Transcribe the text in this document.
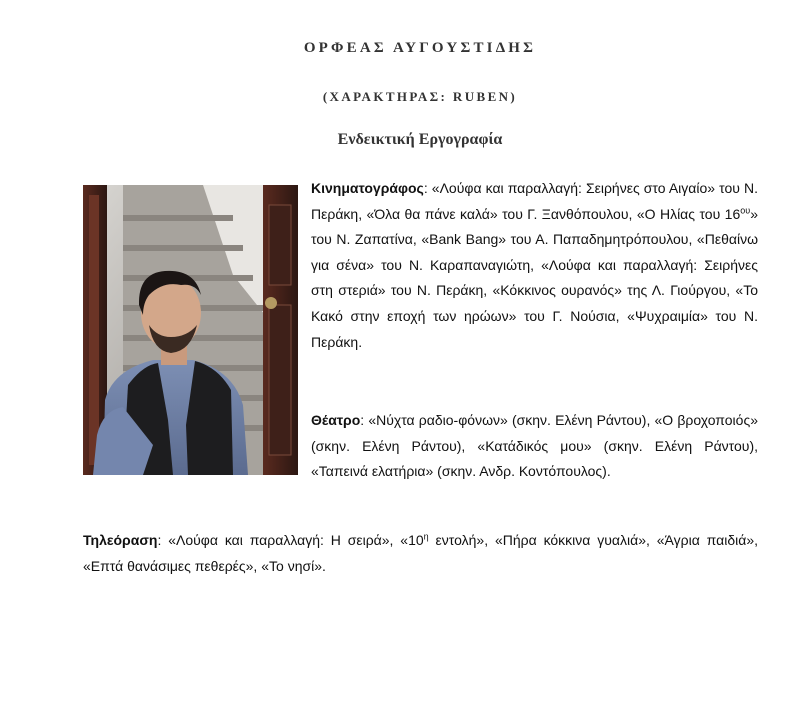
ΟΡΦΕΑΣ ΑΥΓΟΥΣΤΙΔΗΣ
(ΧΑΡΑΚΤΗΡΑΣ: RUBEN)
Ενδεικτική Εργογραφία
Κινηματογράφος: «Λούφα και παραλλαγή: Σειρήνες στο Αιγαίο» του Ν. Περάκη, «Όλα θα πάνε καλά» του Γ. Ξανθόπουλου, «Ο Ηλίας του $16^{o\upsilon}$» του Ν. Ζαπατίνα, «Bank Bang» του Α. Παπαδημητρόπουλου, «Πεθαίνω για σένα» του Ν. Καραπαναγιώτη, «Λούφα και παραλλαγή: Σειρήνες στη στεριά» του Ν. Περάκη, «Κόκκινος ουρανός» της Λ. Γιούργου, «Το Κακό στην εποχή των ηρώων» του Γ. Νούσια, «Ψυχραιμία» του Ν. Περάκη.
Θέατρο: «Νύχτα ραδιο-φόνων» (σκην. Ελένη Ράντου), «Ο βροχοποιός» (σκην. Ελένη Ράντου), «Κατάδικός μου» (σκην. Ελένη Ράντου), «Ταπεινά ελατήρια» (σκην. Ανδρ. Κοντόπουλος).
Τηλεόραση: «Λούφα και παραλλαγή: Η σειρά», «$10^\eta$ εντολή», «Πήρα κόκκινα γυαλιά», «Άγρια παιδιά», «Επτά θανάσιμες πεθερές», «Το νησί».
